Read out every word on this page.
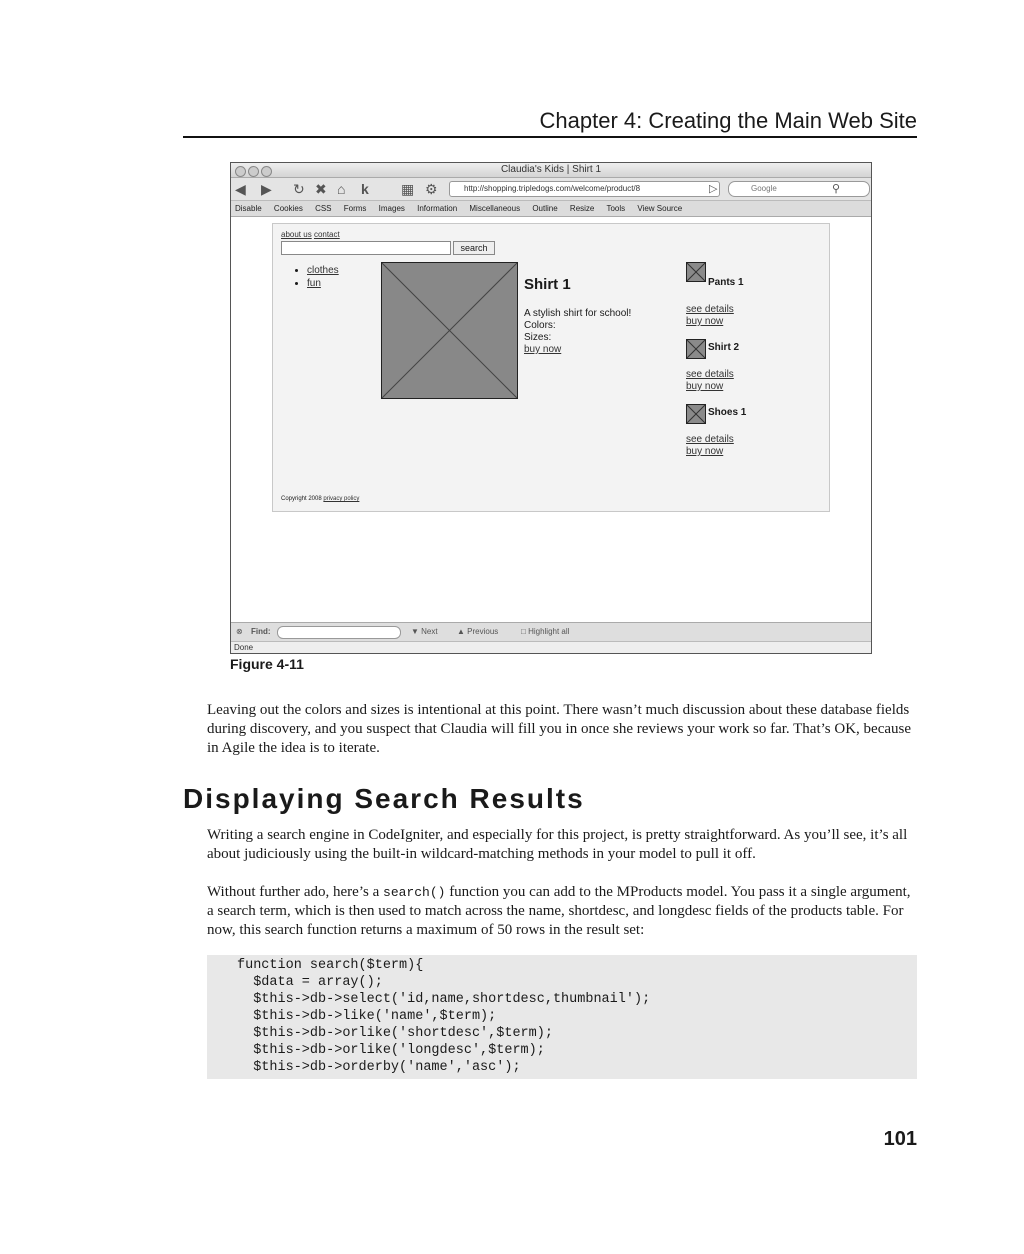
Chapter 4: Creating the Main Web Site
Claudia's Kids | Shirt 1
◀ ▶ ↻ ✖ ⌂ k ▦ ⚙	http://shopping.tripledogs.com/welcome/product/8	▷	Google	⚲
Disable Cookies CSS Forms Images Information Miscellaneous Outline Resize Tools View Source
about us contact
search
• clothes
• fun	Shirt 1
A stylish shirt for school!
Colors:
Sizes:
buy now
Pants 1
see details
buy now
Shirt 2
see details
buy now
Shoes 1
see details
buy now
Copyright 2008 privacy policy
⊗ Find:	▼ Next ▲ Previous	□ Highlight all
Done
Figure 4-11
Leaving out the colors and sizes is intentional at this point. There wasn’t much discussion about these database fields during discovery, and you suspect that Claudia will fill you in once she reviews your work so far. That’s OK, because in Agile the idea is to iterate.
Displaying Search Results
Writing a search engine in CodeIgniter, and especially for this project, is pretty straightforward. As you’ll see, it’s all about judiciously using the built-in wildcard-matching methods in your model to pull it off.
Without further ado, here’s a search() function you can add to the MProducts model. You pass it a single argument, a search term, which is then used to match across the name, shortdesc, and longdesc fields of the products table. For now, this search function returns a maximum of 50 rows in the result set:
function search($term){
$data = array();
$this->db->select('id,name,shortdesc,thumbnail');
$this->db->like('name',$term);
$this->db->orlike('shortdesc',$term);
$this->db->orlike('longdesc',$term);
$this->db->orderby('name','asc');
101
